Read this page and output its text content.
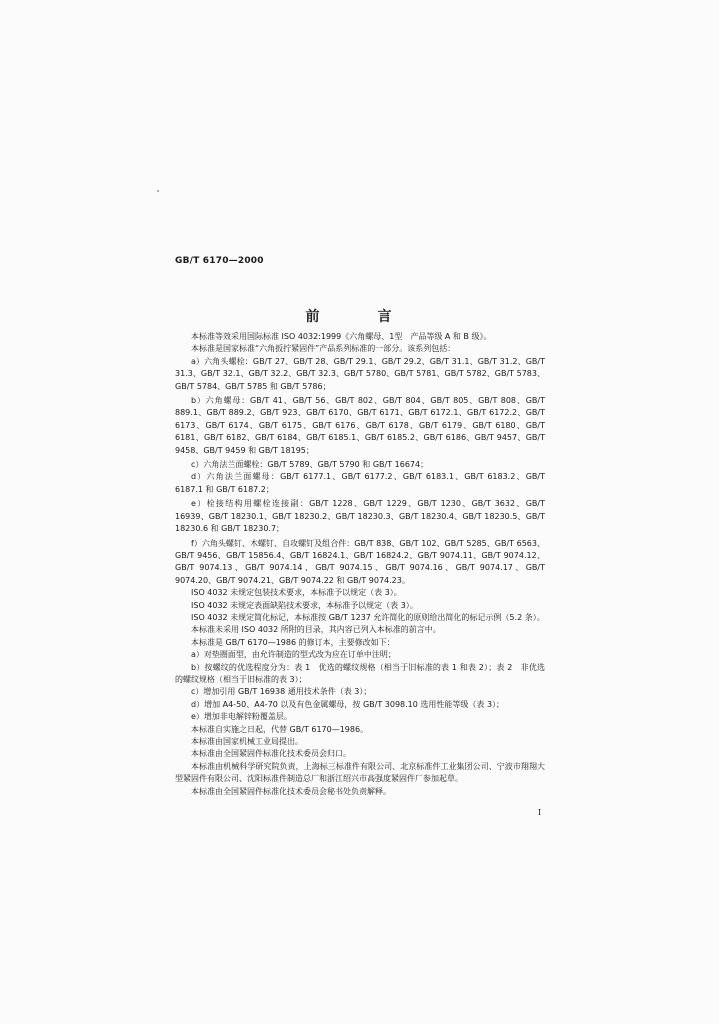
GB/T 6170—2000
前　言

本标准等效采用国际标准 ISO 4032:1999《六角螺母、1型　产品等级 A 和 B 级》。

本标准是国家标准“六角扳拧紧固件”产品系列标准的一部分。该系列包括：

a）六角头螺栓：GB/T 27、GB/T 28、GB/T 29.1、GB/T 29.2、GB/T 31.1、GB/T 31.2、GB/T 31.3、GB/T 32.1、GB/T 32.2、GB/T 32.3、GB/T 5780、GB/T 5781、GB/T 5782、GB/T 5783、GB/T 5784、GB/T 5785 和 GB/T 5786；

b）六角螺母：GB/T 41、GB/T 56、GB/T 802、GB/T 804、GB/T 805、GB/T 808、GB/T 889.1、GB/T 889.2、GB/T 923、GB/T 6170、GB/T 6171、GB/T 6172.1、GB/T 6172.2、GB/T 6173、GB/T 6174、GB/T 6175、GB/T 6176、GB/T 6178、GB/T 6179、GB/T 6180、GB/T 6181、GB/T 6182、GB/T 6184、GB/T 6185.1、GB/T 6185.2、GB/T 6186、GB/T 9457、GB/T 9458、GB/T 9459 和 GB/T 18195；

c）六角法兰面螺栓：GB/T 5789、GB/T 5790 和 GB/T 16674；

d）六角法兰面螺母：GB/T 6177.1、GB/T 6177.2、GB/T 6183.1、GB/T 6183.2、GB/T 6187.1 和 GB/T 6187.2；

e）栓接结构用螺栓连接副：GB/T 1228、GB/T 1229、GB/T 1230、GB/T 3632、GB/T 16939、GB/T 18230.1、GB/T 18230.2、GB/T 18230.3、GB/T 18230.4、GB/T 18230.5、GB/T 18230.6 和 GB/T 18230.7；

f）六角头螺钉、木螺钉、自攻螺钉及组合件：GB/T 838、GB/T 102、GB/T 5285、GB/T 6563、GB/T 9456、GB/T 15856.4、GB/T 16824.1、GB/T 16824.2、GB/T 9074.11、GB/T 9074.12、GB/T 9074.13、GB/T 9074.14、GB/T 9074.15、GB/T 9074.16、GB/T 9074.17、GB/T 9074.20、GB/T 9074.21、GB/T 9074.22 和 GB/T 9074.23。

ISO 4032 未规定包装技术要求，本标准予以规定（表 3）。

ISO 4032 未规定表面缺陷技术要求，本标准予以规定（表 3）。

ISO 4032 未规定简化标记，本标准按 GB/T 1237 允许简化的原则给出简化的标记示例（5.2 条）。

本标准未采用 ISO 4032 所附的目录，其内容已列入本标准的前言中。

本标准是 GB/T 6170—1986 的修订本，主要修改如下：

a）对垫圈面型，由允许制造的型式改为应在订单中注明；

b）按螺纹的优选程度分为：表 1　优选的螺纹规格（相当于旧标准的表 1 和表 2）；表 2　非优选的螺纹规格（相当于旧标准的表 3）；

c）增加引用 GB/T 16938 通用技术条件（表 3）；

d）增加 A4-50、A4-70 以及有色金属螺母，按 GB/T 3098.10 选用性能等级（表 3）；

e）增加非电解锌粉覆盖层。

本标准自实施之日起，代替 GB/T 6170—1986。

本标准由国家机械工业局提出。

本标准由全国紧固件标准化技术委员会归口。

本标准由机械科学研究院负责，上海标三标准件有限公司、北京标准件工业集团公司、宁波市翔翔大型紧固件有限公司、沈阳标准件制造总厂和浙江绍兴市高强度紧固件厂参加起草。

本标准由全国紧固件标准化技术委员会秘书处负责解释。

I
